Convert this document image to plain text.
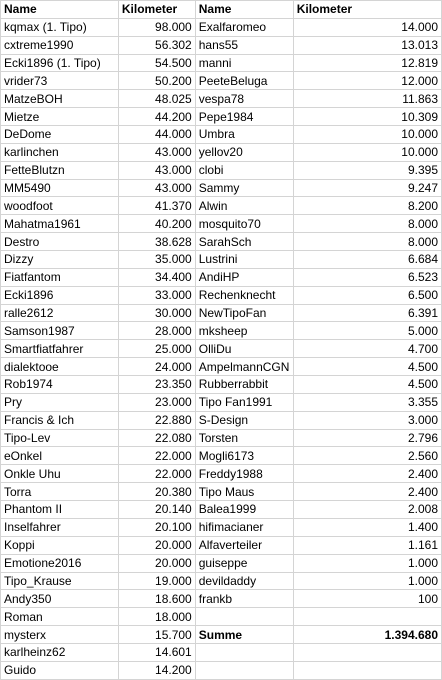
Name	Kilometer	Name	Kilometer
kqmax (1. Tipo)	98.000	Exalfaromeo	14.000
cxtreme1990	56.302	hans55	13.013
Ecki1896 (1. Tipo)	54.500	manni	12.819
vrider73	50.200	PeeteBeluga	12.000
MatzeBOH	48.025	vespa78	11.863
Mietze	44.200	Pepe1984	10.309
DeDome	44.000	Umbra	10.000
karlinchen	43.000	yellov20	10.000
FetteBlutzn	43.000	clobi	9.395
MM5490	43.000	Sammy	9.247
woodfoot	41.370	Alwin	8.200
Mahatma1961	40.200	mosquito70	8.000
Destro	38.628	SarahSch	8.000
Dizzy	35.000	Lustrini	6.684
Fiatfantom	34.400	AndiHP	6.523
Ecki1896	33.000	Rechenknecht	6.500
ralle2612	30.000	NewTipoFan	6.391
Samson1987	28.000	mksheep	5.000
Smartfiatfahrer	25.000	OlliDu	4.700
dialektooe	24.000	AmpelmannCGN	4.500
Rob1974	23.350	Rubberrabbit	4.500
Pry	23.000	Tipo Fan1991	3.355
Francis & Ich	22.880	S-Design	3.000
Tipo-Lev	22.080	Torsten	2.796
eOnkel	22.000	Mogli6173	2.560
Onkle Uhu	22.000	Freddy1988	2.400
Torra	20.380	Tipo Maus	2.400
Phantom II	20.140	Balea1999	2.008
Inselfahrer	20.100	hifimacianer	1.400
Koppi	20.000	Alfaverteiler	1.161
Emotione2016	20.000	guiseppe	1.000
Tipo_Krause	19.000	devildaddy	1.000
Andy350	18.600	frankb	100
Roman	18.000		
mysterx	15.700	Summe	1.394.680
karlheinz62	14.601		
Guido	14.200		
